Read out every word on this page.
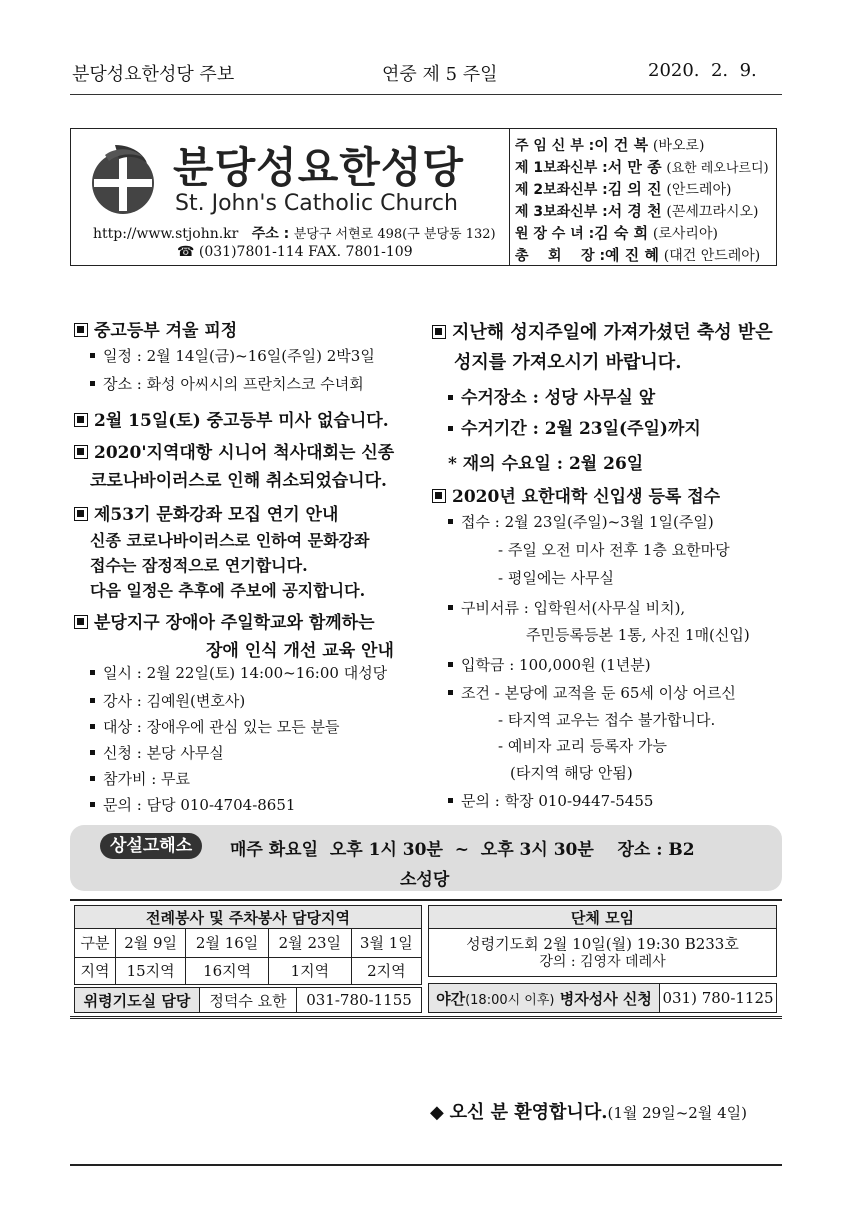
분당성요한성당 주보	연중 제 5 주일	2020.  2.  9.
분당성요한성당
St. John's Catholic Church
http://www.stjohn.kr 주소 : 분당구 서현로 498(구 분당동 132)
☎ (031)7801-114 FAX. 7801-109
주 임 신 부 :이 건 복 (바오로)
제 1보좌신부 :서 만 종 (요한 레오나르디)
제 2보좌신부 :김 의 진 (안드레아)
제 3보좌신부 :서 경 천 (꼰세끄라시오)
원 장 수 녀 :김 숙 희 (로사리아)
총    회    장 :예 진 혜 (대건 안드레아)
중고등부 겨울 피정
일정 : 2월 14일(금)~16일(주일) 2박3일
장소 : 화성 아씨시의 프란치스코 수녀회
2월 15일(토) 중고등부 미사 없습니다.
2020'지역대항 시니어 척사대회는 신종
코로나바이러스로 인해 취소되었습니다.
제53기 문화강좌 모집 연기 안내
신종 코로나바이러스로 인하여 문화강좌
접수는 잠정적으로 연기합니다.
다음 일정은 추후에 주보에 공지합니다.
분당지구 장애아 주일학교와 함께하는
장애 인식 개선 교육 안내
일시 : 2월 22일(토) 14:00~16:00 대성당
강사 : 김예원(변호사)
대상 : 장애우에 관심 있는 모든 분들
신청 : 본당 사무실
참가비 : 무료
문의 : 담당 010-4704-8651
지난해 성지주일에 가져가셨던 축성 받은
성지를 가져오시기 바랍니다.
수거장소 : 성당 사무실 앞
수거기간 : 2월 23일(주일)까지
* 재의 수요일 : 2월 26일
2020년 요한대학 신입생 등록 접수
접수 : 2월 23일(주일)~3월 1일(주일)
- 주일 오전 미사 전후 1층 요한마당
- 평일에는 사무실
구비서류 : 입학원서(사무실 비치),
주민등록등본 1통, 사진 1매(신입)
입학금 : 100,000원 (1년분)
조건 - 본당에 교적을 둔 65세 이상 어르신
- 타지역 교우는 접수 불가합니다.
- 예비자 교리 등록자 가능
(타지역 해당 안됨)
문의 : 학장 010-9447-5455
상설고해소	매주 화요일  오후 1시 30분  ~  오후 3시 30분    장소 : B2
소성당
전례봉사 및 주차봉사 담당지역				
구분	2월 9일	2월 16일	2월 23일	3월 1일
지역	15지역	16지역	1지역	2지역
위령기도실 담당	정덕수 요한	031-780-1155
단체 모임

성령기도회 2월 10일(월) 19:30 B233호
강의 : 김영자 데레사
야간(18:00시 이후) 병자성사 신청	031) 780-1125
◆ 오신 분 환영합니다.(1월 29일~2월 4일)
